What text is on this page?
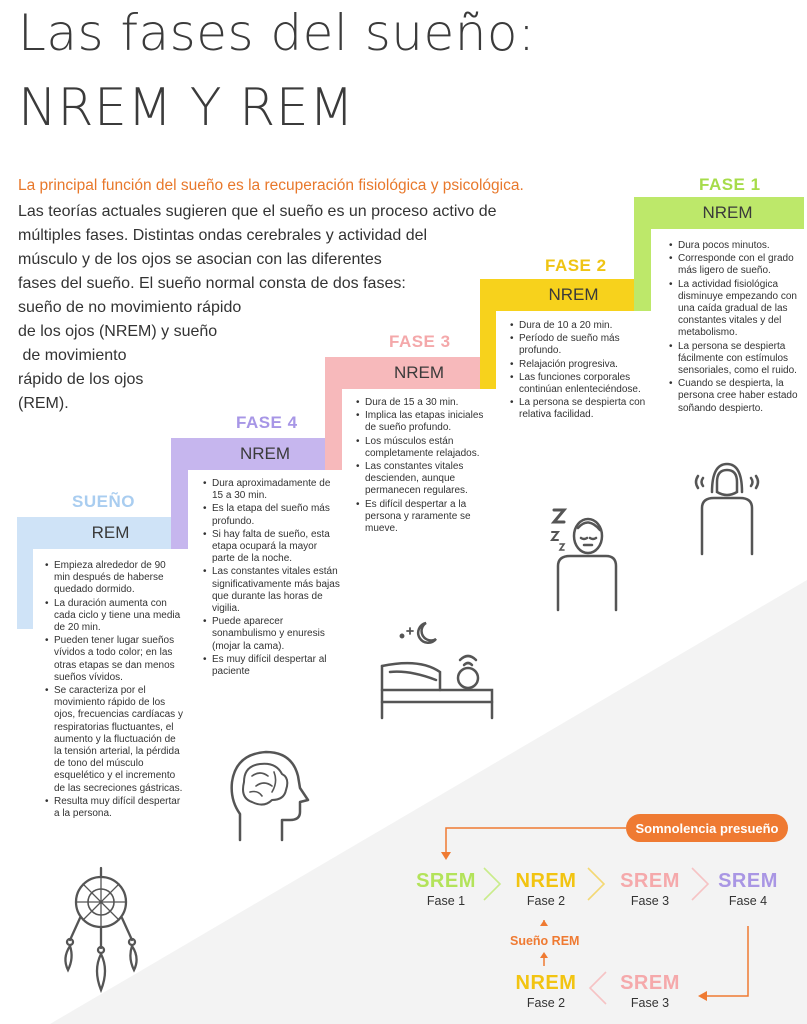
Las fases del sueño:
NREM Y REM
La principal función del sueño es la recuperación fisiológica y psicológica.
Las teorías actuales sugieren que el sueño es un proceso activo de
múltiples fases. Distintas ondas cerebrales y actividad del
músculo y de los ojos se asocian con las diferentes
fases del sueño. El sueño normal consta de dos fases:
sueño de no movimiento rápido
de los ojos (NREM) y sueño
de movimiento
rápido de los ojos
(REM).
SUEÑO
FASE 4
FASE 3
FASE 2
FASE 1
REM
NREM
NREM
NREM
NREM
• Empieza alrededor de 90 min después de haberse quedado dormido.
• La duración aumenta con cada ciclo y tiene una media de 20 min.
• Pueden tener lugar sueños vívidos a todo color; en las otras etapas se dan menos sueños vívidos.
• Se caracteriza por el movimiento rápido de los ojos, frecuencias cardíacas y respiratorias fluctuantes, el aumento y la fluctuación de la tensión arterial, la pérdida de tono del músculo esquelético y el incremento de las secreciones gástricas.
• Resulta muy difícil despertar a la persona.
• Dura aproximadamente de 15 a 30 min.
• Es la etapa del sueño más profundo.
• Si hay falta de sueño, esta etapa ocupará la mayor parte de la noche.
• Las constantes vitales están significativamente más bajas que durante las horas de vigilia.
• Puede aparecer sonambulismo y enuresis (mojar la cama).
• Es muy difícil despertar al paciente
• Dura de 15 a 30 min.
• Implica las etapas iniciales de sueño profundo.
• Los músculos están completamente relajados.
• Las constantes vitales descienden, aunque permanecen regulares.
• Es difícil despertar a la persona y raramente se mueve.
• Dura de 10 a 20 min.
• Período de sueño más profundo.
• Relajación progresiva.
• Las funciones corporales continúan enlenteciéndose.
• La persona se despierta con relativa facilidad.
• Dura pocos minutos.
• Corresponde con el grado más ligero de sueño.
• La actividad fisiológica disminuye empezando con una caída gradual de las constantes vitales y del metabolismo.
• La persona se despierta fácilmente con estímulos sensoriales, como el ruido.
• Cuando se despierta, la persona cree haber estado soñando despierto.
Somnolencia presueño
SREM
Fase 1
NREM
Fase 2
SREM
Fase 3
SREM
Fase 4
Sueño REM
NREM
Fase 2
SREM
Fase 3
